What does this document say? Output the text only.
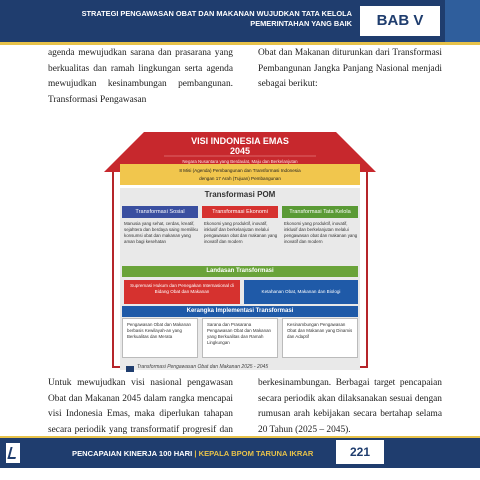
STRATEGI PENGAWASAN OBAT DAN MAKANAN WUJUDKAN TATA KELOLA PEMERINTAHAN YANG BAIK	BAB V

agenda mewujudkan sarana dan prasarana yang berkualitas dan ramah lingkungan serta agenda mewujudkan kesinambungan pembangunan. Transformasi Pengawasan

Obat dan Makanan diturunkan dari Transformasi Pembangunan Jangka Panjang Nasional menjadi sebagai berikut:

VISI INDONESIA EMAS
2045
Negara Nusantara yang Berdaulat, Maju dan Berkelanjutan
8 Misi (Agenda) Pembangunan dan Transformasi Indonesia
dengan 17 Arah (Tujuan) Pembangunan
Transformasi POM
Transformasi Sosial	Transformasi Ekonomi	Transformasi Tata Kelola
Manusia yang sehat, cerdas, kreatif, sejahtera dan berdaya saing memiliku konsumsi obat dan makanan yang aman bagi kesehatan
Ekonomi yang produktif, inovatif, inklusif dan berkelanjutan melalui pengawasan obat dan makanan yang inovatif dan modern
Ekonomi yang produktif, inovatif, inklusif dan berkelanjutan melalui pengawasan obat dan makanan yang inovatif dan modern
Landasan Transformasi
Supremasi Hukum dan Penegakan Internasional di Bidang Obat dan Makanan	Ketahanan Obat, Makanan dan Biologi
Kerangka Implementasi Transformasi
Pengawasan Obat dan Makanan berbasis Kewilayah-an yang Berkualitas dan Merata
Sarana dan Prasarana Pengawasan Obat dan Makanan yang Berkualitas dan Ramah Lingkungan
Kesinambungan Pengawasan Obat dan Makanan yang Dinamis dan Adaptif
Transformasi Pengawasan Obat dan Makanan 2025 - 2045

Untuk mewujudkan visi nasional pengawasan Obat dan Makanan 2045 dalam rangka mencapai visi Indonesia Emas, maka diperlukan tahapan secara periodik yang transformatif progresif dan

berkesinambungan. Berbagai target pencapaian secara periodik akan dilaksanakan sesuai dengan rumusan arah kebijakan secara bertahap selama 20 Tahun (2025 – 2045).

PENCAPAIAN KINERJA 100 HARI | KEPALA BPOM TARUNA IKRAR	221
